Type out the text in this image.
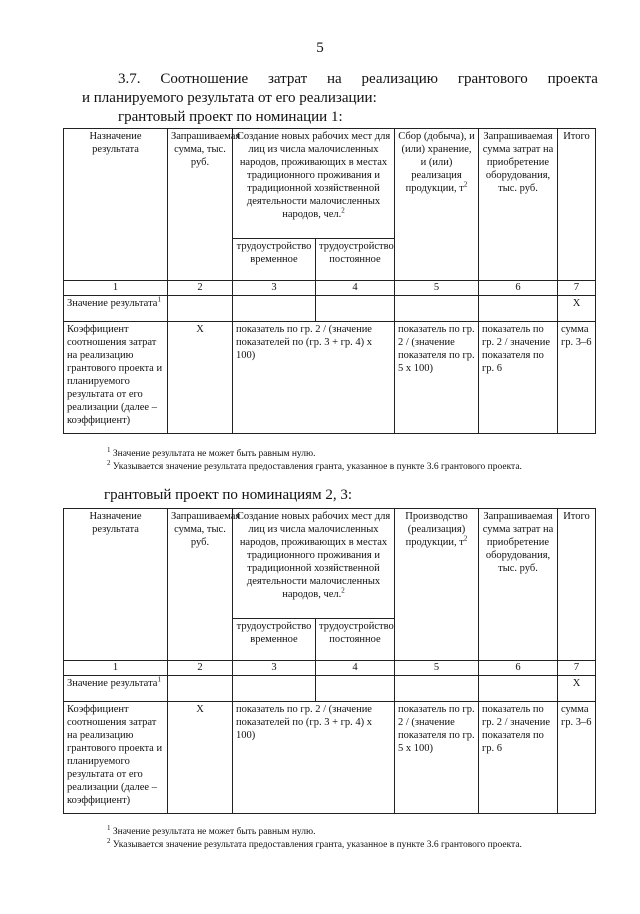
5
3.7. Соотношение затрат на реализацию грантового проекта
и планируемого результата от его реализации:
грантовый проект по номинации 1:
Назначение результата	Запрашиваемая сумма, тыс. руб.	Создание новых рабочих мест для лиц из числа малочисленных народов, проживающих в местах традиционного проживания и традиционной хозяйственной деятельности малочисленных народов, чел.$^2$		Сбор (добыча), и (или) хранение, и (или) реализация продукции, $т^2$	Запрашиваемая сумма затрат на приобретение оборудования, тыс. руб.	Итого
		трудоустройство временное	трудоустройство постоянное			
1	2	3	4	5	6	7
Значение результата$^1$						X
Коэффициент соотношения затрат на реализацию грантового проекта и планируемого результата от его реализации (далее – коэффициент)	X	показатель по гр. 2 / (значение показателей по (гр. 3 + гр. 4) х 100)		показатель по гр. 2 / (значение показателя по гр. 5 х 100)	показатель по гр. 2 / значение показателя по гр. 6	сумма гр. 3–6
$^1$ Значение результата не может быть равным нулю.
$^2$ Указывается значение результата предоставления гранта, указанное в пункте 3.6 грантового проекта.
грантовый проект по номинациям 2, 3:
Назначение результата	Запрашиваемая сумма, тыс. руб.	Создание новых рабочих мест для лиц из числа малочисленных народов, проживающих в местах традиционного проживания и традиционной хозяйственной деятельности малочисленных народов, чел.$^2$		Производство (реализация) продукции, $т^2$	Запрашиваемая сумма затрат на приобретение оборудования, тыс. руб.	Итого
		трудоустройство временное	трудоустройство постоянное			
1	2	3	4	5	6	7
Значение результата$^1$						X
Коэффициент соотношения затрат на реализацию грантового проекта и планируемого результата от его реализации (далее – коэффициент)	X	показатель по гр. 2 / (значение показателей по (гр. 3 + гр. 4) х 100)		показатель по гр. 2 / (значение показателя по гр. 5 х 100)	показатель по гр. 2 / значение показателя по гр. 6	сумма гр. 3–6
$^1$ Значение результата не может быть равным нулю.
$^2$ Указывается значение результата предоставления гранта, указанное в пункте 3.6 грантового проекта.
